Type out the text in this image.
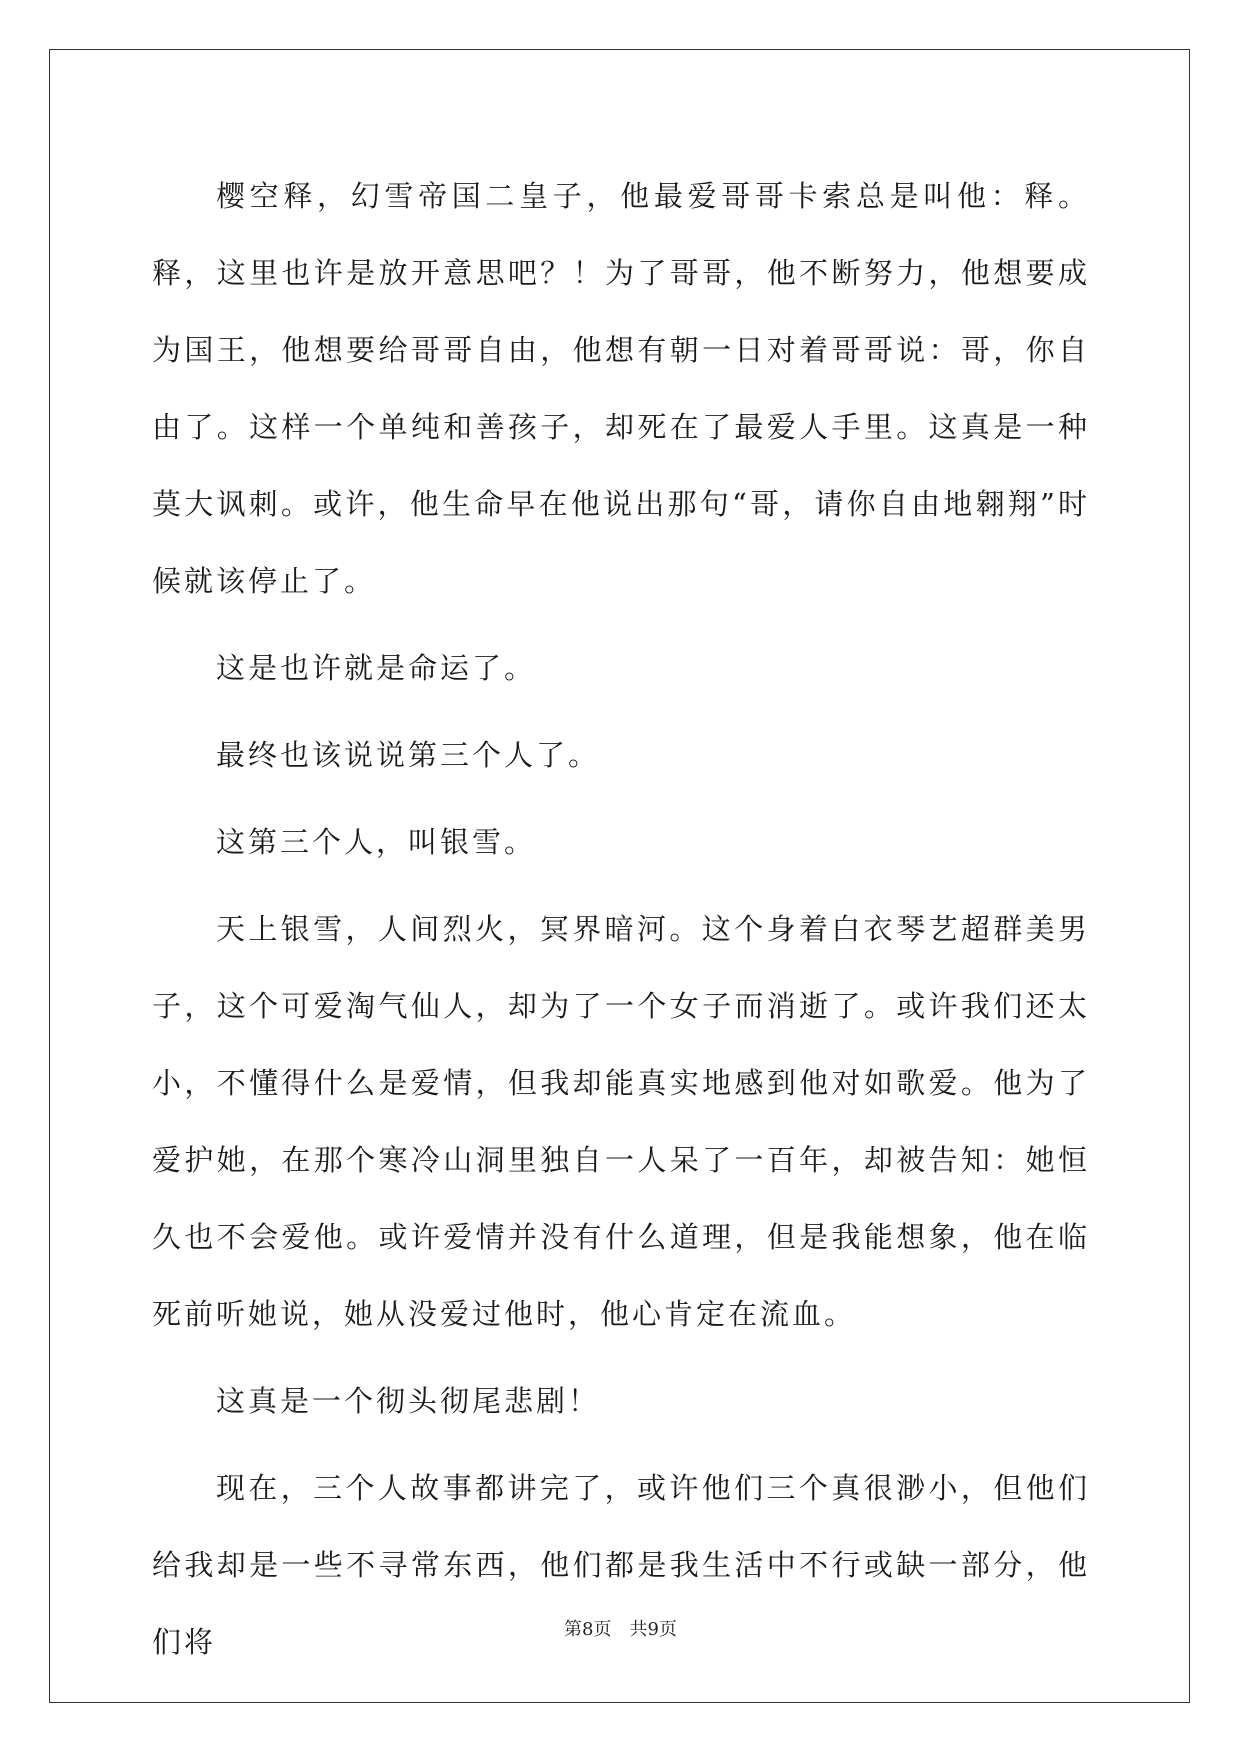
樱空释，幻雪帝国二皇子，他最爱哥哥卡索总是叫他：释。释，这里也许是放开意思吧？！为了哥哥，他不断努力，他想要成为国王，他想要给哥哥自由，他想有朝一日对着哥哥说：哥，你自由了。这样一个单纯和善孩子，却死在了最爱人手里。这真是一种莫大讽刺。或许，他生命早在他说出那句“哥，请你自由地翱翔”时候就该停止了。

这是也许就是命运了。

最终也该说说第三个人了。

这第三个人，叫银雪。

天上银雪，人间烈火，冥界暗河。这个身着白衣琴艺超群美男子，这个可爱淘气仙人，却为了一个女子而消逝了。或许我们还太小，不懂得什么是爱情，但我却能真实地感到他对如歌爱。他为了爱护她，在那个寒冷山洞里独自一人呆了一百年，却被告知：她恒久也不会爱他。或许爱情并没有什么道理，但是我能想象，他在临死前听她说，她从没爱过他时，他心肯定在流血。

这真是一个彻头彻尾悲剧！

现在，三个人故事都讲完了，或许他们三个真很渺小，但他们给我却是一些不寻常东西，他们都是我生活中不行或缺一部分，他们将	第8页 共9页
